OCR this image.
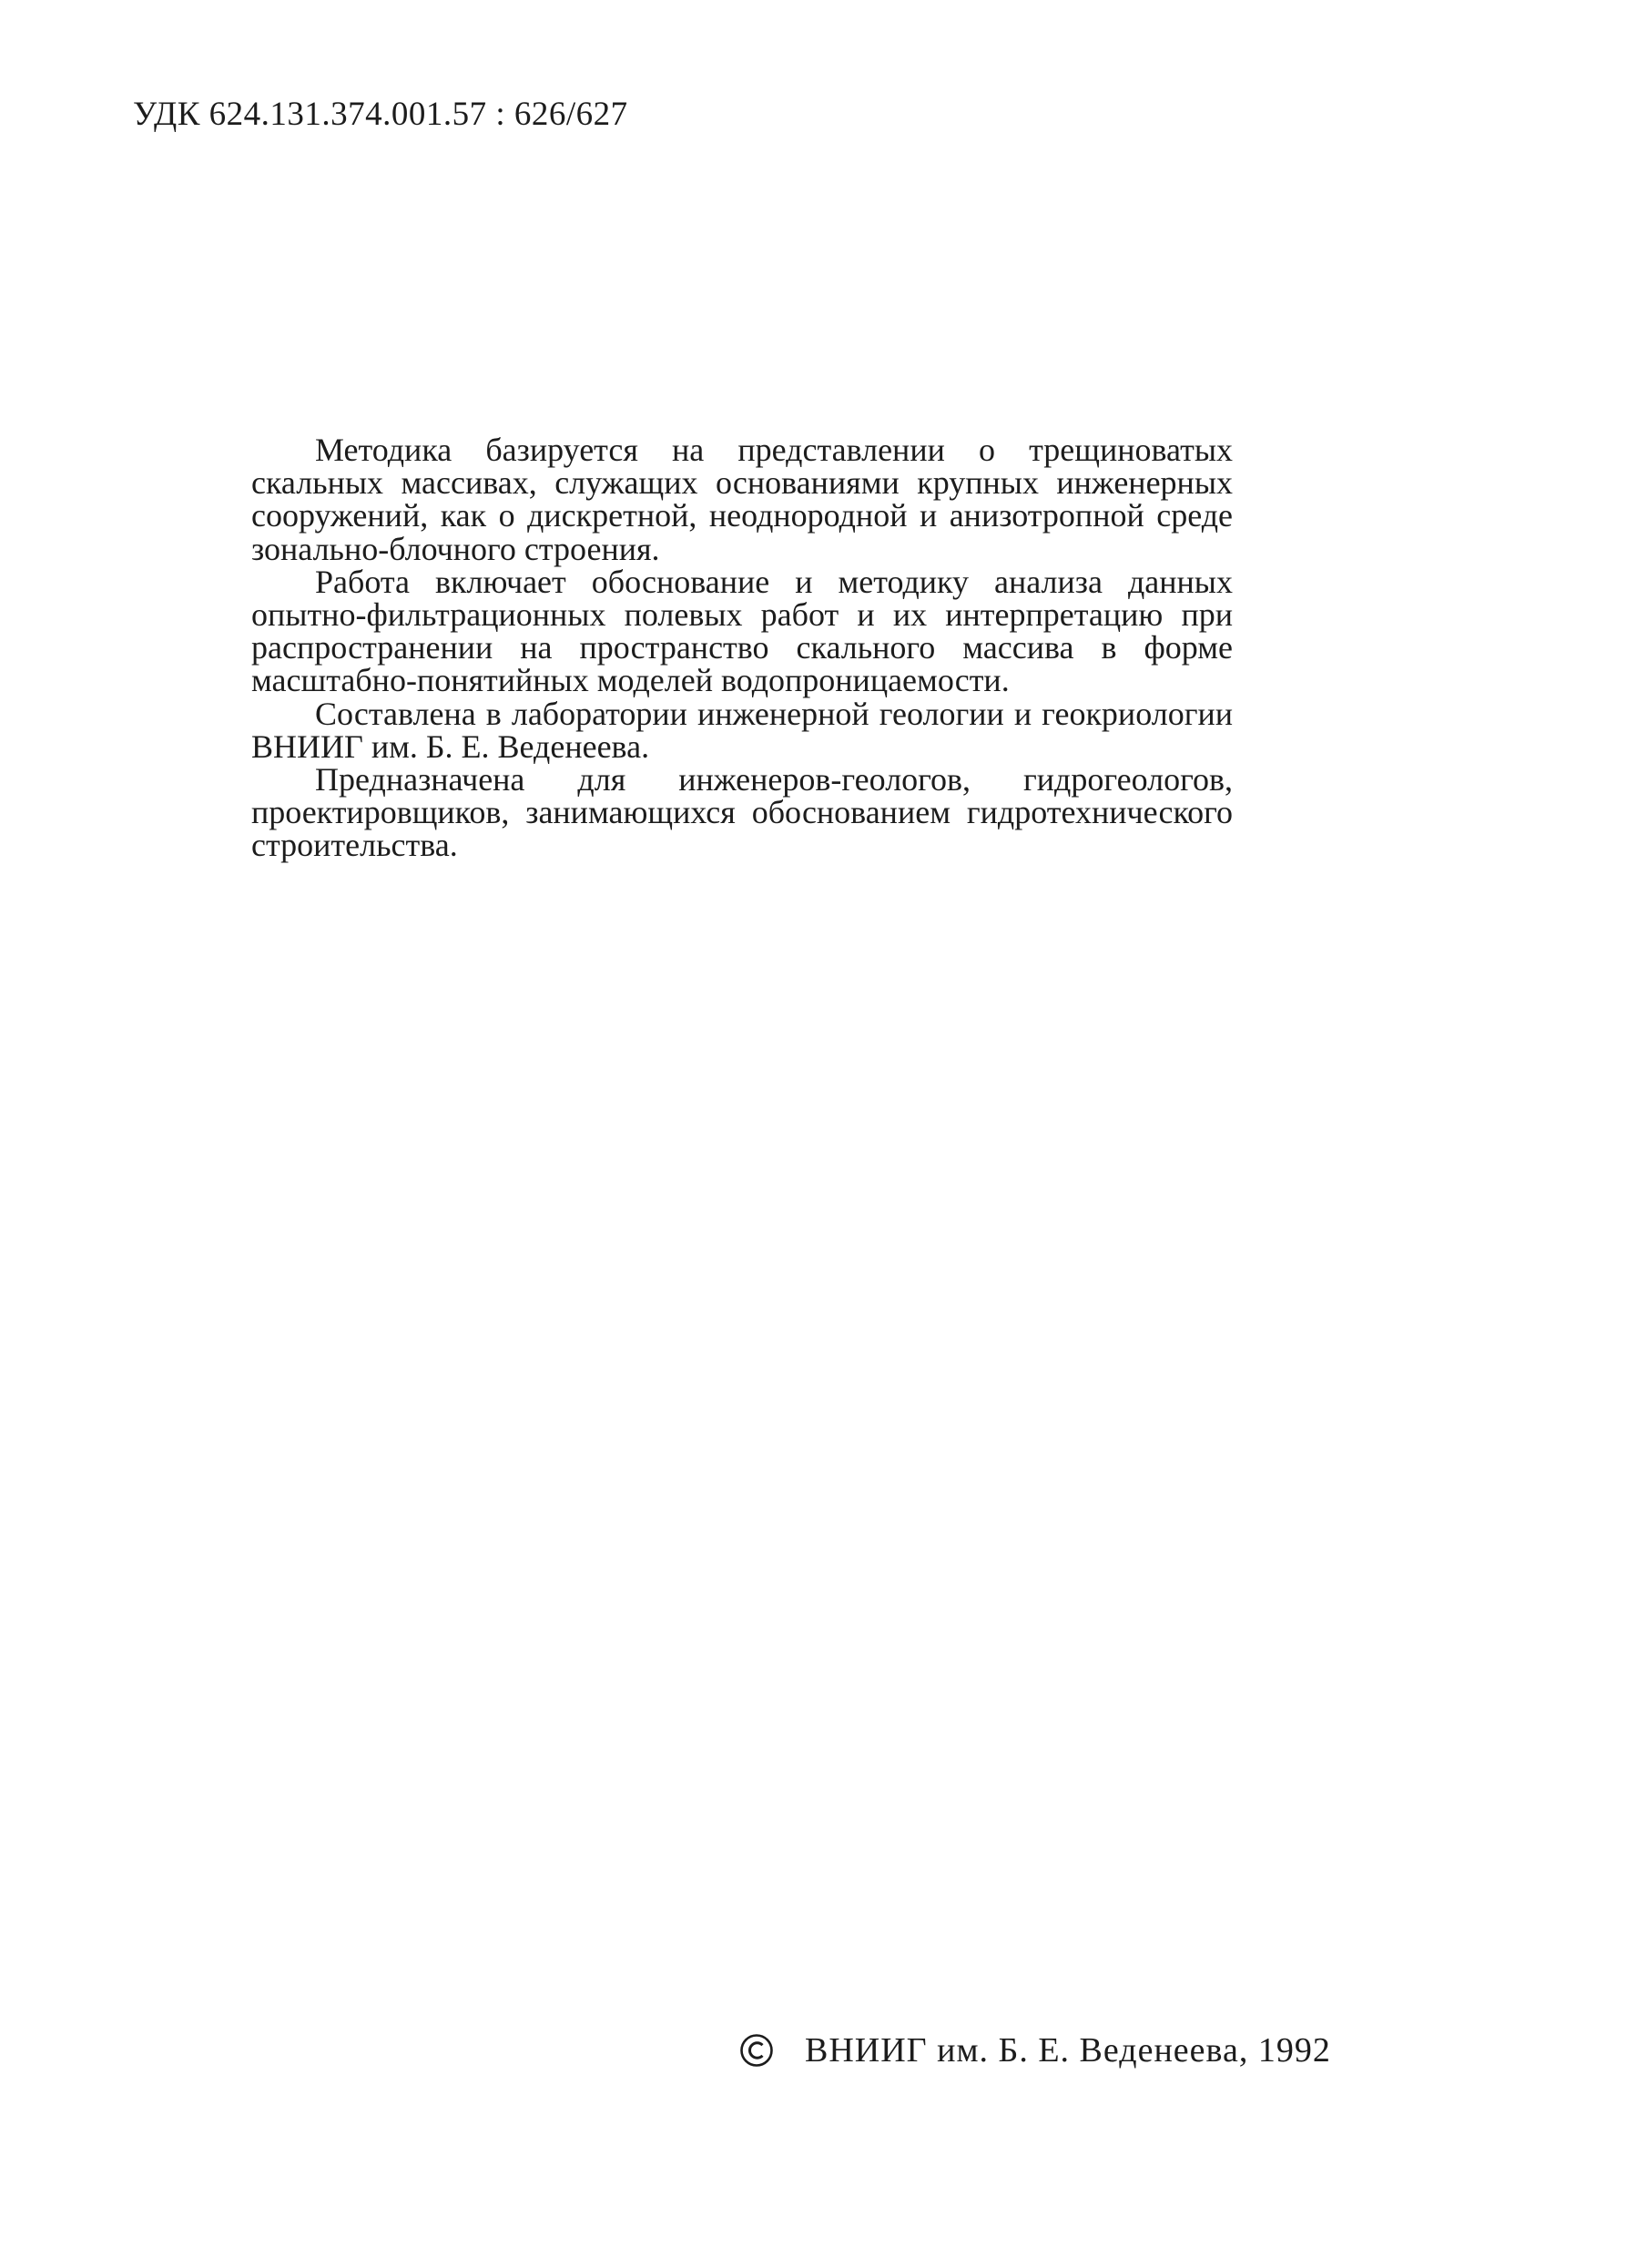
УДК 624.131.374.001.57 : 626/627

Методика базируется на представлении о трещиноватых скальных массивах, служащих основаниями крупных инженерных сооружений, как о дискретной, неоднородной и анизотропной среде зонально-блочного строения.

Работа включает обоснование и методику анализа данных опытно-фильтрационных полевых работ и их интерпретацию при распространении на пространство скального массива в форме масштабно-понятийных моделей водопроницаемости.

Составлена в лаборатории инженерной геологии и геокриологии ВНИИГ им. Б. Е. Веденеева.

Предназначена для инженеров-геологов, гидрогеологов, проектировщиков, занимающихся обоснованием гидротехнического строительства.

ВНИИГ им. Б. Е. Веденеева, 1992
